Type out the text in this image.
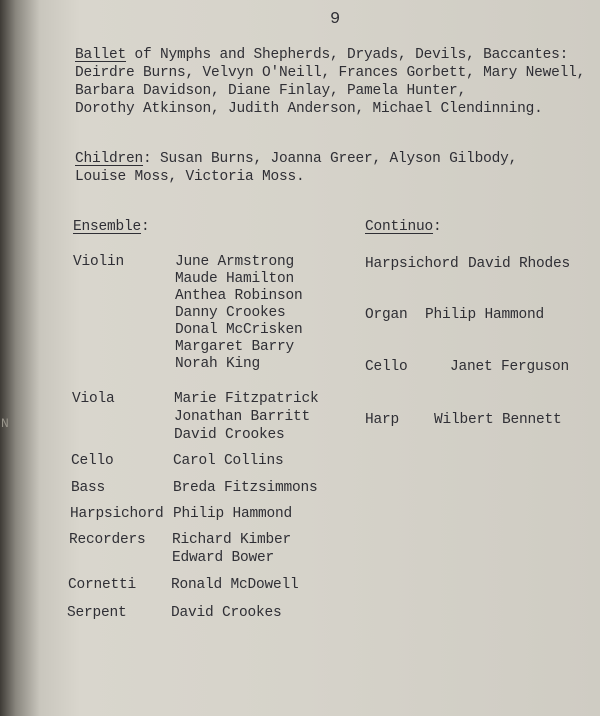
9
Ballet of Nymphs and Shepherds, Dryads, Devils, Baccantes:
Deirdre Burns, Velvyn O'Neill, Frances Gorbett, Mary Newell,
Barbara Davidson, Diane Finlay, Pamela Hunter,
Dorothy Atkinson, Judith Anderson, Michael Clendinning.
Children: Susan Burns, Joanna Greer, Alyson Gilbody,
Louise Moss, Victoria Moss.
Ensemble:
Violin	June Armstrong
Maude Hamilton
Anthea Robinson
Danny Crookes
Donal McCrisken
Margaret Barry
Norah King
Viola	Marie Fitzpatrick
Jonathan Barritt
David Crookes
Cello	Carol Collins
Bass	Breda Fitzsimmons
Harpsichord Philip Hammond
Recorders Richard Kimber
Edward Bower
Cornetti Ronald McDowell
Serpent	David Crookes
Continuo:
Harpsichord David Rhodes
Organ Philip Hammond
Cello	Janet Ferguson
Harp Wilbert Bennett
N
